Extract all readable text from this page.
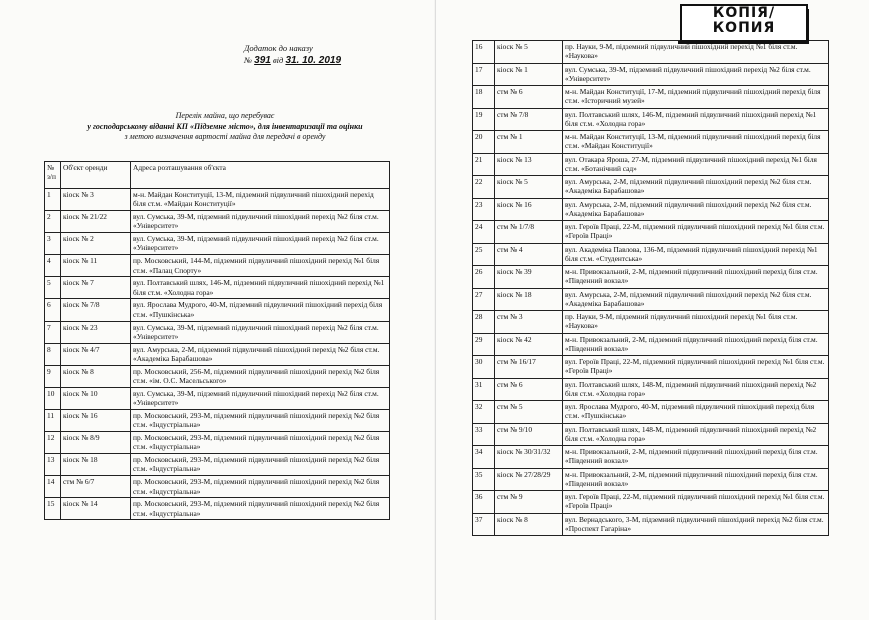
Додаток до наказу
№ 391 від 31. 10. 2019
Перелік майна, що перебуває
у господарському віданні КП «Підземне місто», для інвентаризації та оцінки
з метою визначення вартості майна для передачі в оренду
№ з/п	Об'єкт оренди	Адреса розташування об'єкта
1	кіоск № 3	м-н. Майдан Конституції, 13-М, підземний підвуличний пішохідний перехід біля ст.м. «Майдан Конституції»
2	кіоск № 21/22	вул. Сумська, 39-М, підземний підвуличний пішохідний перехід №2 біля ст.м. «Університет»
3	кіоск № 2	вул. Сумська, 39-М, підземний підвуличний пішохідний перехід №2 біля ст.м. «Університет»
4	кіоск № 11	пр. Московський, 144-М, підземний підвуличний пішохідний перехід №1 біля ст.м. «Палац Спорту»
5	кіоск № 7	вул. Полтавський шлях, 146-М, підземний підвуличний пішохідний перехід №1 біля ст.м. «Холодна гора»
6	кіоск № 7/8	вул. Ярослава Мудрого, 40-М, підземний підвуличний пішохідний перехід біля ст.м. «Пушкінська»
7	кіоск № 23	вул. Сумська, 39-М, підземний підвуличний пішохідний перехід №2 біля ст.м. «Університет»
8	кіоск № 4/7	вул. Амурська, 2-М, підземний підвуличний пішохідний перехід №2 біля ст.м. «Академіка Барабашова»
9	кіоск № 8	пр. Московський, 256-М, підземний підвуличний пішохідний перехід №2 біля ст.м. «ім. О.С. Масельського»
10	кіоск № 10	вул. Сумська, 39-М, підземний підвуличний пішохідний перехід №2 біля ст.м. «Університет»
11	кіоск № 16	пр. Московський, 293-М, підземний підвуличний пішохідний перехід №2 біля ст.м. «Індустріальна»
12	кіоск № 8/9	пр. Московський, 293-М, підземний підвуличний пішохідний перехід №2 біля ст.м. «Індустріальна»
13	кіоск № 18	пр. Московський, 293-М, підземний підвуличний пішохідний перехід №2 біля ст.м. «Індустріальна»
14	стм № 6/7	пр. Московський, 293-М, підземний підвуличний пішохідний перехід №2 біля ст.м. «Індустріальна»
15	кіоск № 14	пр. Московський, 293-М, підземний підвуличний пішохідний перехід №2 біля ст.м. «Індустріальна»
16	кіоск № 5	пр. Науки, 9-М, підземний підвуличний пішохідний перехід №1 біля ст.м. «Наукова»
17	кіоск № 1	вул. Сумська, 39-М, підземний підвуличний пішохідний перехід №2 біля ст.м. «Університет»
18	стм № 6	м-н. Майдан Конституції, 17-М, підземний підвуличний пішохідний перехід біля ст.м. «Історичний музей»
19	стм № 7/8	вул. Полтавський шлях, 146-М, підземний підвуличний пішохідний перехід №1 біля ст.м. «Холодна гора»
20	стм № 1	м-н. Майдан Конституції, 13-М, підземний підвуличний пішохідний перехід біля ст.м. «Майдан Конституції»
21	кіоск № 13	вул. Отакара Яроша, 27-М, підземний підвуличний пішохідний перехід №1 біля ст.м. «Ботанічний сад»
22	кіоск № 5	вул. Амурська, 2-М, підземний підвуличний пішохідний перехід №2 біля ст.м. «Академіка Барабашова»
23	кіоск № 16	вул. Амурська, 2-М, підземний підвуличний пішохідний перехід №2 біля ст.м. «Академіка Барабашова»
24	стм № 1/7/8	вул. Героїв Праці, 22-М, підземний підвуличний пішохідний перехід №1 біля ст.м. «Героїв Праці»
25	стм № 4	вул. Академіка Павлова, 136-М, підземний підвуличний пішохідний перехід №1 біля ст.м. «Студентська»
26	кіоск № 39	м-н. Привокзальний, 2-М, підземний підвуличний пішохідний перехід біля ст.м. «Південний вокзал»
27	кіоск № 18	вул. Амурська, 2-М, підземний підвуличний пішохідний перехід №2 біля ст.м. «Академіка Барабашова»
28	стм № 3	пр. Науки, 9-М, підземний підвуличний пішохідний перехід №1 біля ст.м. «Наукова»
29	кіоск № 42	м-н. Привокзальний, 2-М, підземний підвуличний пішохідний перехід біля ст.м. «Південний вокзал»
30	стм № 16/17	вул. Героїв Праці, 22-М, підземний підвуличний пішохідний перехід №1 біля ст.м. «Героїв Праці»
31	стм № 6	вул. Полтавський шлях, 148-М, підземний підвуличний пішохідний перехід №2 біля ст.м. «Холодна гора»
32	стм № 5	вул. Ярослава Мудрого, 40-М, підземний підвуличний пішохідний перехід біля ст.м. «Пушкінська»
33	стм № 9/10	вул. Полтавський шлях, 148-М, підземний підвуличний пішохідний перехід №2 біля ст.м. «Холодна гора»
34	кіоск № 30/31/32	м-н. Привокзальний, 2-М, підземний підвуличний пішохідний перехід біля ст.м. «Південний вокзал»
35	кіоск № 27/28/29	м-н. Привокзальний, 2-М, підземний підвуличний пішохідний перехід біля ст.м. «Південний вокзал»
36	стм № 9	вул. Героїв Праці, 22-М, підземний підвуличний пішохідний перехід №1 біля ст.м. «Героїв Праці»
37	кіоск № 8	вул. Вернадського, 3-М, підземний підвуличний пішохідний перехід №2 біля ст.м. «Проспект Гагаріна»
КОПІЯ/
КОПИЯ
